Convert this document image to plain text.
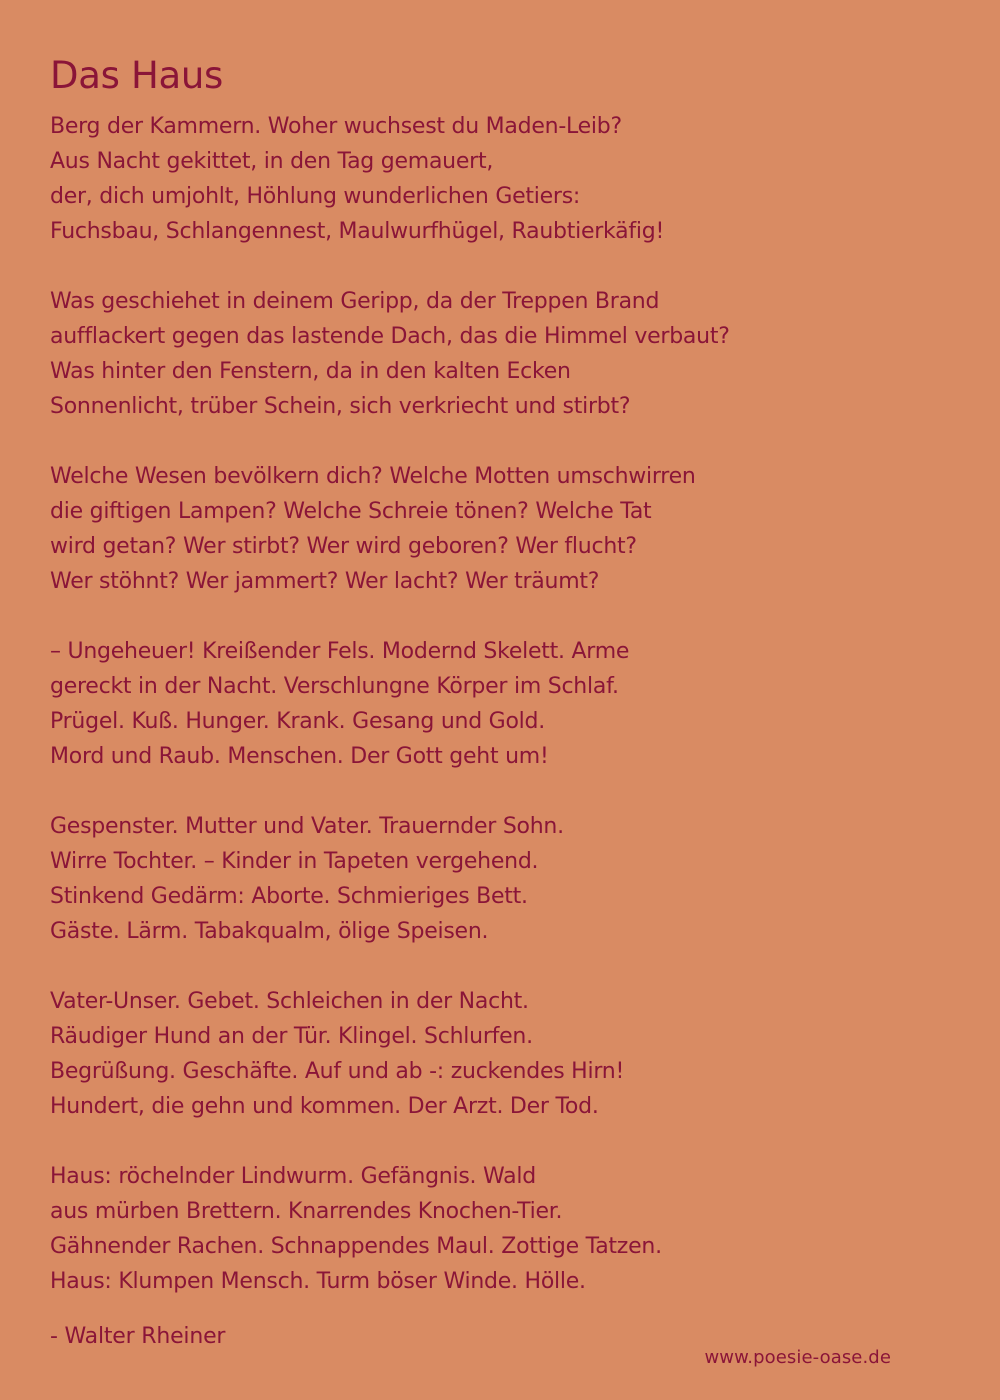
Das Haus
Berg der Kammern. Woher wuchsest du Maden-Leib?
Aus Nacht gekittet, in den Tag gemauert,
der, dich umjohlt, Höhlung wunderlichen Getiers:
Fuchsbau, Schlangennest, Maulwurfhügel, Raubtierkäfig!
Was geschiehet in deinem Geripp, da der Treppen Brand
aufflackert gegen das lastende Dach, das die Himmel verbaut?
Was hinter den Fenstern, da in den kalten Ecken
Sonnenlicht, trüber Schein, sich verkriecht und stirbt?
Welche Wesen bevölkern dich? Welche Motten umschwirren
die giftigen Lampen? Welche Schreie tönen? Welche Tat
wird getan? Wer stirbt? Wer wird geboren? Wer flucht?
Wer stöhnt? Wer jammert? Wer lacht? Wer träumt?
– Ungeheuer! Kreißender Fels. Modernd Skelett. Arme
gereckt in der Nacht. Verschlungne Körper im Schlaf.
Prügel. Kuß. Hunger. Krank. Gesang und Gold.
Mord und Raub. Menschen. Der Gott geht um!
Gespenster. Mutter und Vater. Trauernder Sohn.
Wirre Tochter. – Kinder in Tapeten vergehend.
Stinkend Gedärm: Aborte. Schmieriges Bett.
Gäste. Lärm. Tabakqualm, ölige Speisen.
Vater-Unser. Gebet. Schleichen in der Nacht.
Räudiger Hund an der Tür. Klingel. Schlurfen.
Begrüßung. Geschäfte. Auf und ab -: zuckendes Hirn!
Hundert, die gehn und kommen. Der Arzt. Der Tod.
Haus: röchelnder Lindwurm. Gefängnis. Wald
aus mürben Brettern. Knarrendes Knochen-Tier.
Gähnender Rachen. Schnappendes Maul. Zottige Tatzen.
Haus: Klumpen Mensch. Turm böser Winde. Hölle.
- Walter Rheiner
www.poesie-oase.de
